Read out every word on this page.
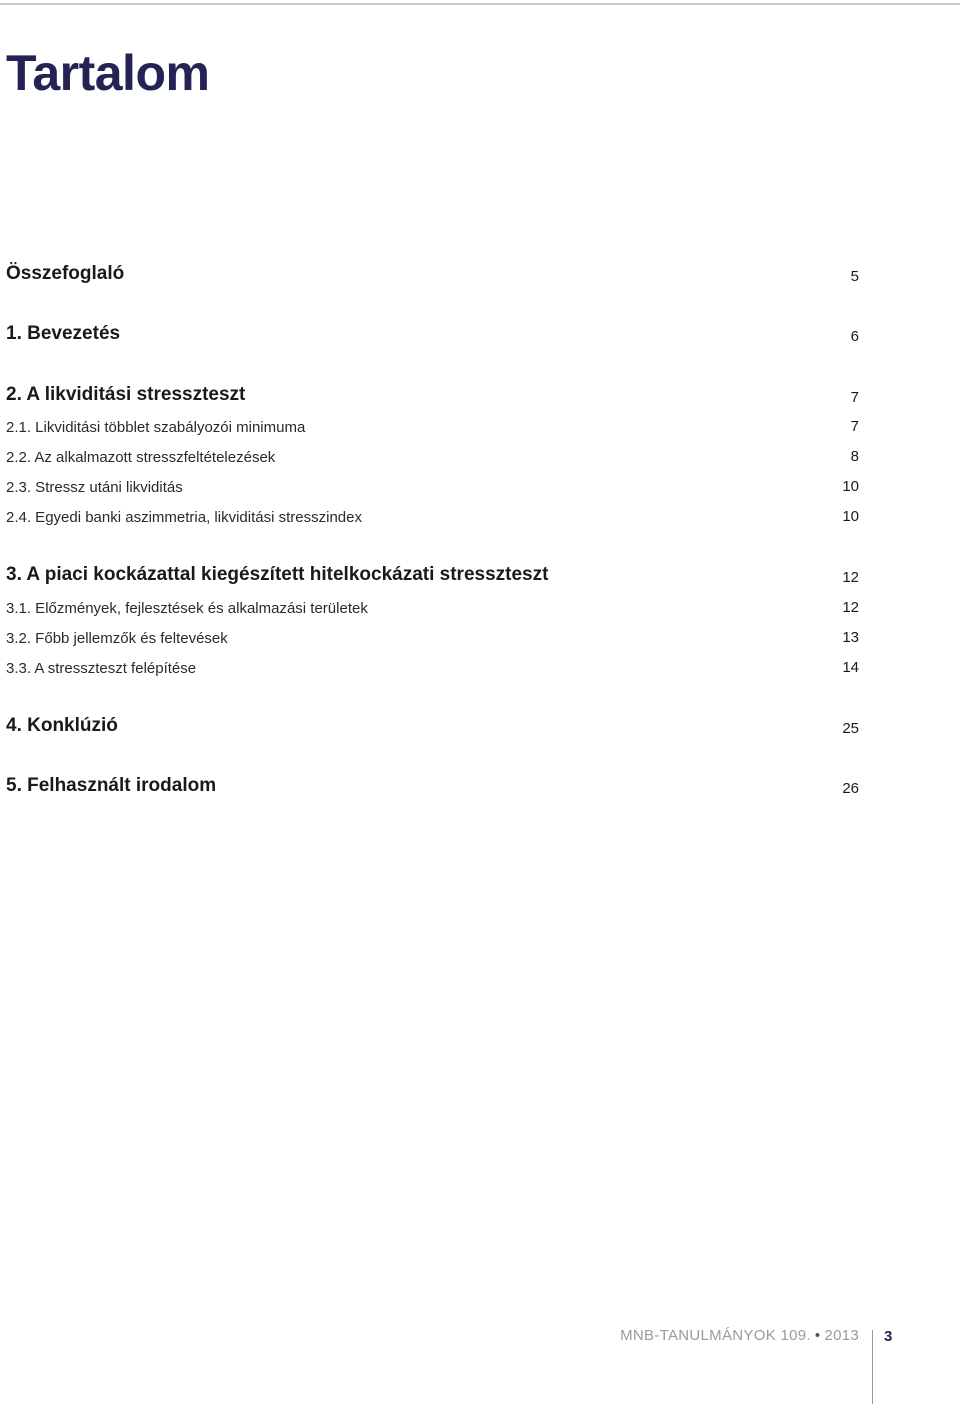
Tartalom
Összefoglaló	5
1. Bevezetés	6
2. A likviditási stresszteszt	7
2.1. Likviditási többlet szabályozói minimuma	7
2.2. Az alkalmazott stresszfeltételezések	8
2.3. Stressz utáni likviditás	10
2.4. Egyedi banki aszimmetria, likviditási stresszindex	10
3. A piaci kockázattal kiegészített hitelkockázati stresszteszt	12
3.1. Előzmények, fejlesztések és alkalmazási területek	12
3.2. Főbb jellemzők és feltevések	13
3.3. A stresszteszt felépítése	14
4. Konklúzió	25
5. Felhasznált irodalom	26
MNB-TANULMÁNYOK 109. • 2013 3
